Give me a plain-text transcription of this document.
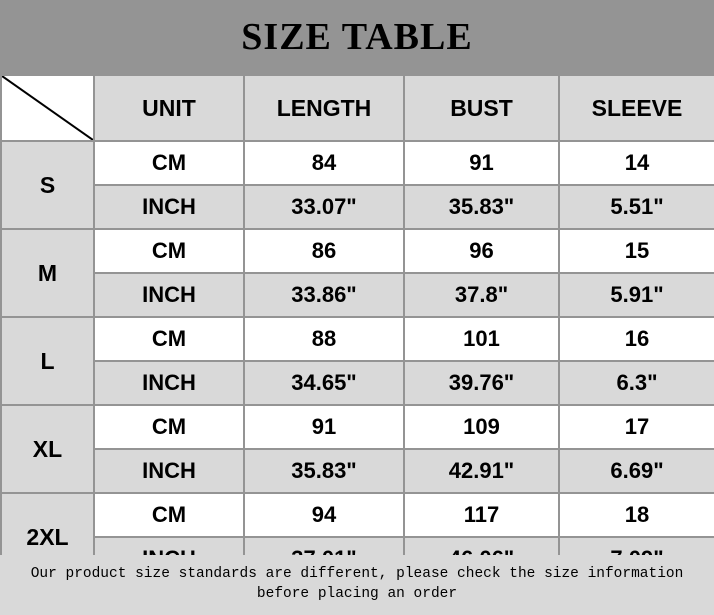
SIZE TABLE
	UNIT	LENGTH	BUST	SLEEVE
S	CM	84	91	14
	INCH	33.07"	35.83"	5.51"
M	CM	86	96	15
	INCH	33.86"	37.8"	5.91"
L	CM	88	101	16
	INCH	34.65"	39.76"	6.3"
XL	CM	91	109	17
	INCH	35.83"	42.91"	6.69"
2XL	CM	94	117	18

Our product size standards are different, please check the size information
before placing an order
